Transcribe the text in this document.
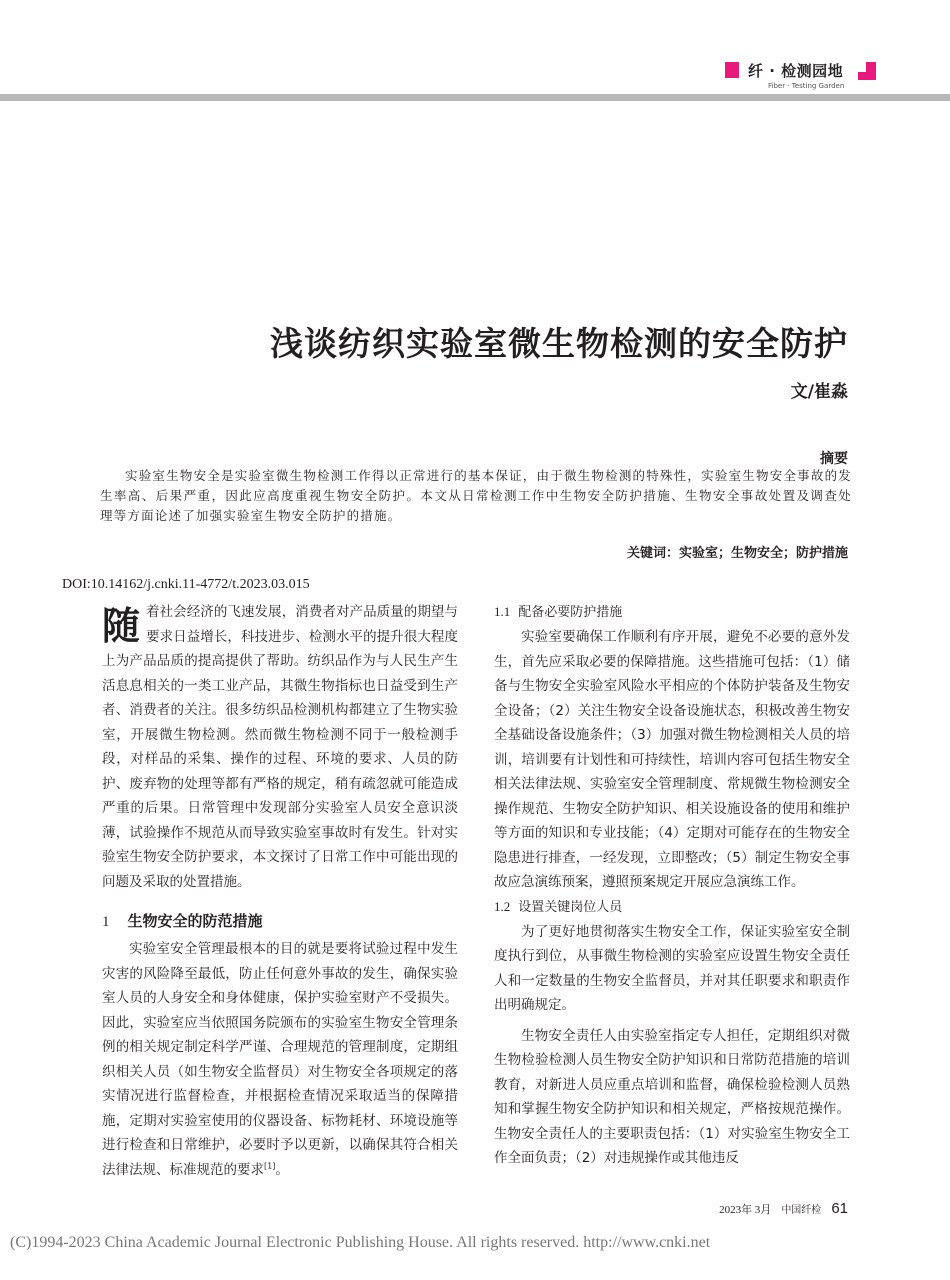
纤 · 检测园地
Fiber · Testing Garden
浅谈纺织实验室微生物检测的安全防护
文/崔淼
摘要
实验室生物安全是实验室微生物检测工作得以正常进行的基本保证，由于微生物检测的特殊性，实验室生物安全事故的发生率高、后果严重，因此应高度重视生物安全防护。本文从日常检测工作中生物安全防护措施、生物安全事故处置及调查处理等方面论述了加强实验室生物安全防护的措施。
关键词：实验室；生物安全；防护措施
DOI:10.14162/j.cnki.11-4772/t.2023.03.015

随着社会经济的飞速发展，消费者对产品质量的期望与要求日益增长，科技进步、检测水平的提升很大程度上为产品品质的提高提供了帮助。纺织品作为与人民生产生活息息相关的一类工业产品，其微生物指标也日益受到生产者、消费者的关注。很多纺织品检测机构都建立了生物实验室，开展微生物检测。然而微生物检测不同于一般检测手段，对样品的采集、操作的过程、环境的要求、人员的防护、废弃物的处理等都有严格的规定，稍有疏忽就可能造成严重的后果。日常管理中发现部分实验室人员安全意识淡薄，试验操作不规范从而导致实验室事故时有发生。针对实验室生物安全防护要求，本文探讨了日常工作中可能出现的问题及采取的处置措施。

1 生物安全的防范措施

实验室安全管理最根本的目的就是要将试验过程中发生灾害的风险降至最低，防止任何意外事故的发生，确保实验室人员的人身安全和身体健康，保护实验室财产不受损失。因此，实验室应当依照国务院颁布的实验室生物安全管理条例的相关规定制定科学严谨、合理规范的管理制度，定期组织相关人员（如生物安全监督员）对生物安全各项规定的落实情况进行监督检查，并根据检查情况采取适当的保障措施，定期对实验室使用的仪器设备、标物耗材、环境设施等进行检查和日常维护，必要时予以更新，以确保其符合相关法律法规、标准规范的要求[1]。

1.1 配备必要防护措施

实验室要确保工作顺利有序开展，避免不必要的意外发生，首先应采取必要的保障措施。这些措施可包括：（1）储备与生物安全实验室风险水平相应的个体防护装备及生物安全设备；（2）关注生物安全设备设施状态，积极改善生物安全基础设备设施条件；（3）加强对微生物检测相关人员的培训，培训要有计划性和可持续性，培训内容可包括生物安全相关法律法规、实验室安全管理制度、常规微生物检测安全操作规范、生物安全防护知识、相关设施设备的使用和维护等方面的知识和专业技能；（4）定期对可能存在的生物安全隐患进行排查，一经发现，立即整改；（5）制定生物安全事故应急演练预案，遵照预案规定开展应急演练工作。

1.2 设置关键岗位人员

为了更好地贯彻落实生物安全工作，保证实验室安全制度执行到位，从事微生物检测的实验室应设置生物安全责任人和一定数量的生物安全监督员，并对其任职要求和职责作出明确规定。

生物安全责任人由实验室指定专人担任，定期组织对微生物检验检测人员生物安全防护知识和日常防范措施的培训教育，对新进人员应重点培训和监督，确保检验检测人员熟知和掌握生物安全防护知识和相关规定，严格按规范操作。生物安全责任人的主要职责包括：（1）对实验室生物安全工作全面负责；（2）对违规操作或其他违反

2023年 3月 中国纤检 61
(C)1994-2023 China Academic Journal Electronic Publishing House. All rights reserved. http://www.cnki.net
